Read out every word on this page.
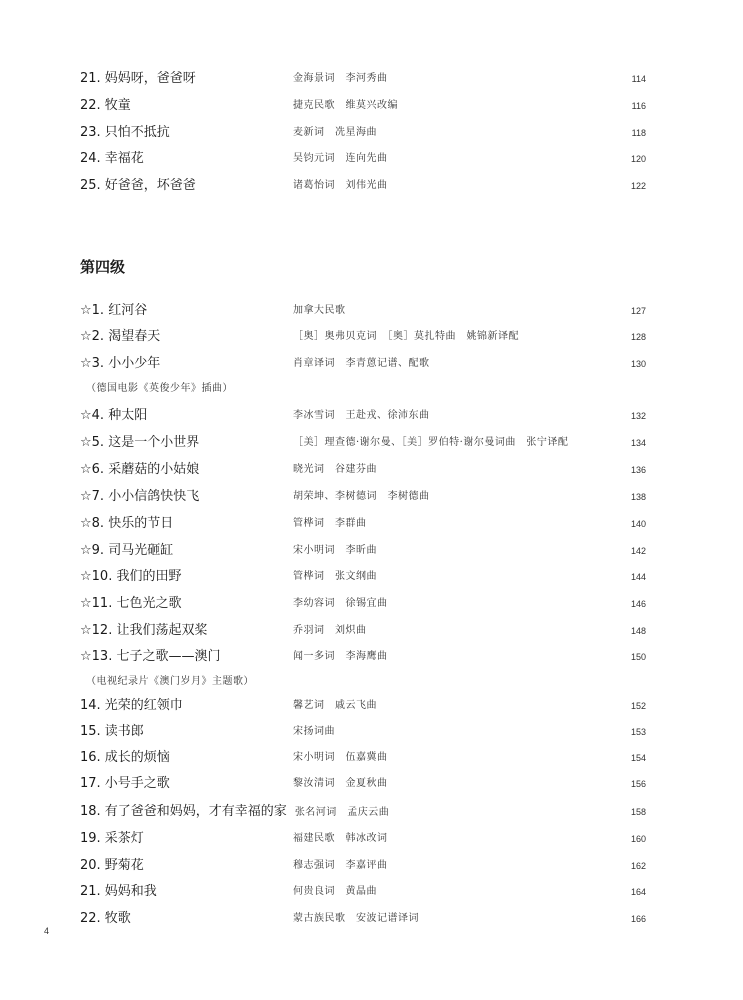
21. 妈妈呀，爸爸呀	金海景词　李河秀曲	114
22. 牧童	捷克民歌　维莫兴改编	116
23. 只怕不抵抗	麦新词　冼星海曲	118
24. 幸福花	吴钧元词　连向先曲	120
25. 好爸爸，坏爸爸	诸葛怡词　刘伟光曲	122
第四级
☆1. 红河谷	加拿大民歌	127
☆2. 渴望春天	［奥］奥弗贝克词　［奥］莫扎特曲　姚锦新译配	128
☆3. 小小少年	肖章译词　李青蒽记谱、配歌	130
（德国电影《英俊少年》插曲）
☆4. 种太阳	李冰雪词　王赴戎、徐沛东曲	132
☆5. 这是一个小世界	［美］理查德·谢尔曼、［美］罗伯特·谢尔曼词曲　张宁译配	134
☆6. 采蘑菇的小姑娘	晓光词　谷建芬曲	136
☆7. 小小信鸽快快飞	胡荣坤、李树德词　李树德曲	138
☆8. 快乐的节日	管桦词　李群曲	140
☆9. 司马光砸缸	宋小明词　李昕曲	142
☆10. 我们的田野	管桦词　张文纲曲	144
☆11. 七色光之歌	李幼容词　徐锡宜曲	146
☆12. 让我们荡起双桨	乔羽词　刘炽曲	148
☆13. 七子之歌——澳门	闻一多词　李海鹰曲	150
（电视纪录片《澳门岁月》主题歌）
14. 光荣的红领巾	馨艺词　戚云飞曲	152
15. 读书郎	宋扬词曲	153
16. 成长的烦恼	宋小明词　伍嘉冀曲	154
17. 小号手之歌	黎汝清词　金夏秋曲	156
18. 有了爸爸和妈妈，才有幸福的家 张名河词　孟庆云曲	158
19. 采茶灯	福建民歌　韩冰改词	160
20. 野菊花	穆志强词　李嘉评曲	162
21. 妈妈和我	何贵良词　黄晶曲	164
22. 牧歌	蒙古族民歌　安波记谱译词	166
4
